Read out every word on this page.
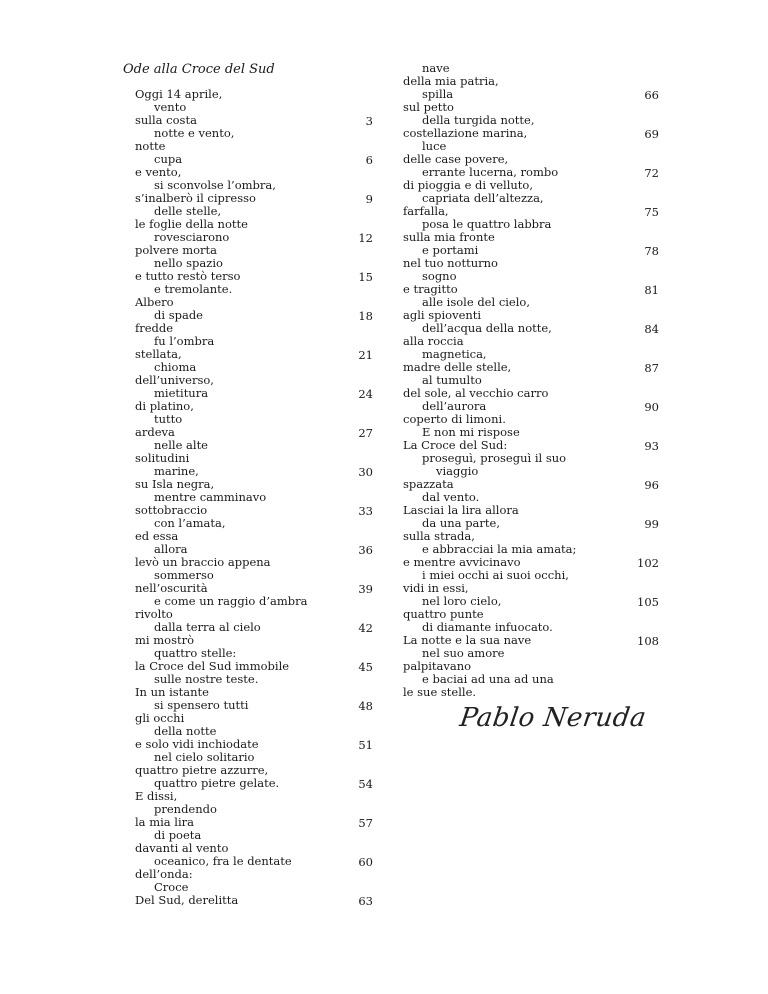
Ode alla Croce del Sud
Oggi 14 aprile,
vento
sulla costa
notte e vento,
notte
cupa
e vento,
si sconvolse l’ombra,
s’inalberò il cipresso
delle stelle,
le foglie della notte
rovesciarono
polvere morta
nello spazio
e tutto restò terso
e tremolante.
Albero
di spade
fredde
fu l’ombra
stellata,
chioma
dell’universo,
mietitura
di platino,
tutto
ardeva
nelle alte
solitudini
marine,
su Isla negra,
mentre camminavo
sottobraccio
con l’amata,
ed essa
allora
levò un braccio appena
sommerso
nell’oscurità
e come un raggio d’ambra
rivolto
dalla terra al cielo
mi mostrò
quattro stelle:
la Croce del Sud immobile
sulle nostre teste.
In un istante
si spensero tutti
gli occhi
della notte
e solo vidi inchiodate
nel cielo solitario
quattro pietre azzurre,
quattro pietre gelate.
E dissi,
prendendo
la mia lira
di poeta
davanti al vento
oceanico, fra le dentate
dell’onda:
Croce
Del Sud, derelitta
3
6
9
12
15
18
21
24
27
30
33
36
39
42
45
48
51
54
57
60
63
nave
della mia patria,
spilla
sul petto
della turgida notte,
costellazione marina,
luce
delle case povere,
errante lucerna, rombo
di pioggia e di velluto,
capriata dell’altezza,
farfalla,
posa le quattro labbra
sulla mia fronte
e portami
nel tuo notturno
sogno
e tragitto
alle isole del cielo,
agli spioventi
dell’acqua della notte,
alla roccia
magnetica,
madre delle stelle,
al tumulto
del sole, al vecchio carro
dell’aurora
coperto di limoni.
E non mi rispose
La Croce del Sud:
proseguì, proseguì il suo
viaggio
spazzata
dal vento.
Lasciai la lira allora
da una parte,
sulla strada,
e abbracciai la mia amata;
e mentre avvicinavo
i miei occhi ai suoi occhi,
vidi in essi,
nel loro cielo,
quattro punte
di diamante infuocato.
La notte e la sua nave
nel suo amore
palpitavano
e baciai ad una ad una
le sue stelle.
66
69
72
75
78
81
84
87
90
93
96
99
102
105
108
Pablo Neruda
